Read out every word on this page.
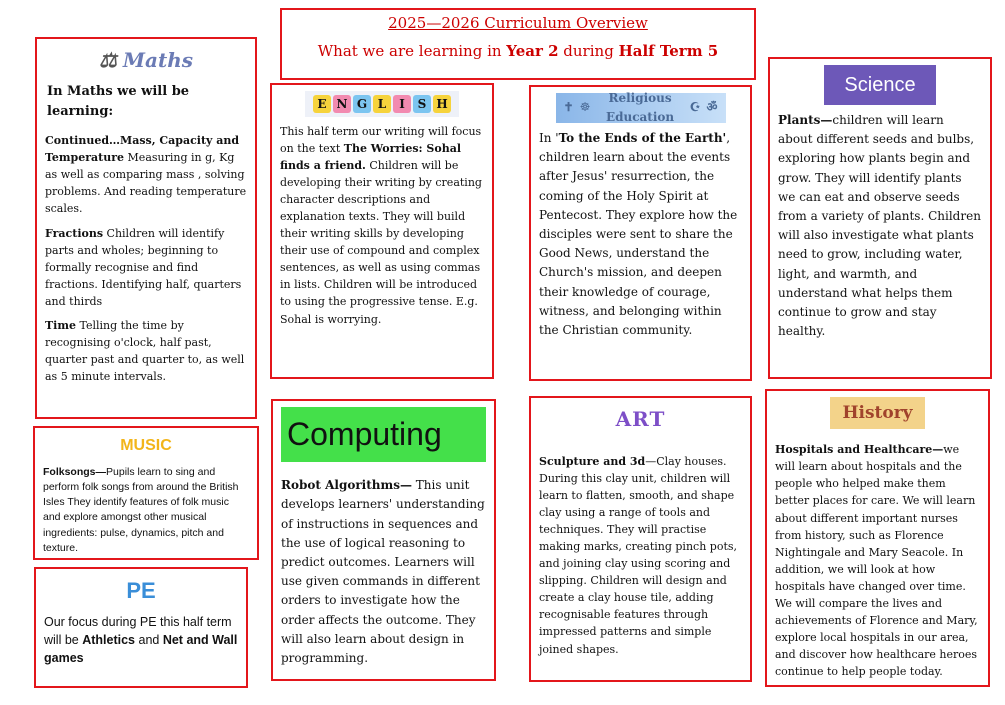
2025—2026 Curriculum Overview
What we are learning in Year 2 during Half Term 5
⚖ Maths
In Maths we will be learning:

Continued…Mass, Capacity and Temperature Measuring in g, Kg as well as comparing mass , solving problems. And reading temperature scales.

Fractions Children will identify parts and wholes; beginning to formally recognise and find fractions. Identifying half, quarters and thirds

Time Telling the time by recognising o'clock, half past, quarter past and quarter to, as well as 5 minute intervals.

E N G L	I	S H

This half term our writing will focus on the text The Worries: Sohal finds a friend. Children will be developing their writing by creating character descriptions and explanation texts. They will build their writing skills by developing their use of compound and complex sentences, as well as using commas in lists. Children will be introduced to using the progressive tense. E.g. Sohal is worrying.

✝ ☸
Religious Education
☪ ॐ

In 'To the Ends of the Earth', children learn about the events after Jesus' resurrection, the coming of the Holy Spirit at Pentecost. They explore how the disciples were sent to share the Good News, understand the Church's mission, and deepen their knowledge of courage, witness, and belonging within the Christian community.

Science

Plants—children will learn about different seeds and bulbs, exploring how plants begin and grow. They will identify plants we can eat and observe seeds from a variety of plants. Children will also investigate what plants need to grow, including water, light, and warmth, and understand what helps them continue to grow and stay healthy.

MUSIC

Folksongs—Pupils learn to sing and perform folk songs from around the British Isles They identify features of folk music and explore amongst other musical ingredients: pulse, dynamics, pitch and texture.

PE

Our focus during PE this half term will be Athletics and Net and Wall games

Computing

Robot Algorithms— This unit develops learners' understanding of instructions in sequences and the use of logical reasoning to predict outcomes. Learners will use given commands in different orders to investigate how the order affects the outcome. They will also learn about design in programming.

ART

Sculpture and 3d—Clay houses. During this clay unit, children will learn to flatten, smooth, and shape clay using a range of tools and techniques. They will practise making marks, creating pinch pots, and joining clay using scoring and slipping. Children will design and create a clay house tile, adding recognisable features through impressed patterns and simple joined shapes.

History

Hospitals and Healthcare—we will learn about hospitals and the people who helped make them better places for care. We will learn about different important nurses from history, such as Florence Nightingale and Mary Seacole. In addition, we will look at how hospitals have changed over time. We will compare the lives and achievements of Florence and Mary, explore local hospitals in our area, and discover how healthcare heroes continue to help people today.
